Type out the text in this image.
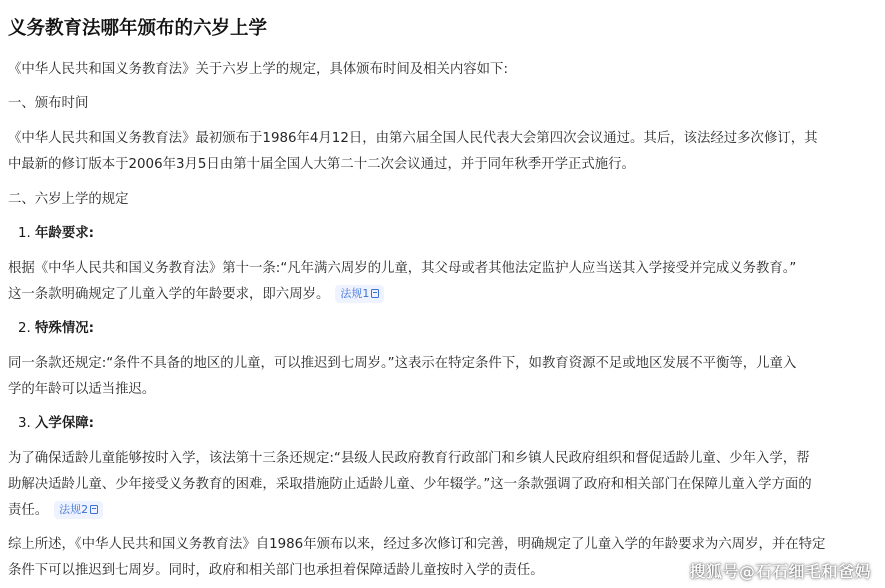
义务教育法哪年颁布的六岁上学
《中华人民共和国义务教育法》关于六岁上学的规定，具体颁布时间及相关内容如下:
一、颁布时间
《中华人民共和国义务教育法》最初颁布于1986年4月12日，由第六届全国人民代表大会第四次会议通过。其后，该法经过多次修订，其
中最新的修订版本于2006年3月5日由第十届全国人大第二十二次会议通过，并于同年秋季开学正式施行。
二、六岁上学的规定
1. 年龄要求:
根据《中华人民共和国义务教育法》第十一条:“凡年满六周岁的儿童，其父母或者其他法定监护人应当送其入学接受并完成义务教育。”
这一条款明确规定了儿童入学的年龄要求，即六周岁。 法规1
2. 特殊情况:
同一条款还规定:“条件不具备的地区的儿童，可以推迟到七周岁。”这表示在特定条件下，如教育资源不足或地区发展不平衡等，儿童入
学的年龄可以适当推迟。
3. 入学保障:
为了确保适龄儿童能够按时入学，该法第十三条还规定:“县级人民政府教育行政部门和乡镇人民政府组织和督促适龄儿童、少年入学，帮
助解决适龄儿童、少年接受义务教育的困难，采取措施防止适龄儿童、少年辍学。”这一条款强调了政府和相关部门在保障儿童入学方面的
责任。 法规2
综上所述，《中华人民共和国义务教育法》自1986年颁布以来，经过多次修订和完善，明确规定了儿童入学的年龄要求为六周岁，并在特定
条件下可以推迟到七周岁。同时，政府和相关部门也承担着保障适龄儿童按时入学的责任。	搜狐号@石石细毛和爸妈
